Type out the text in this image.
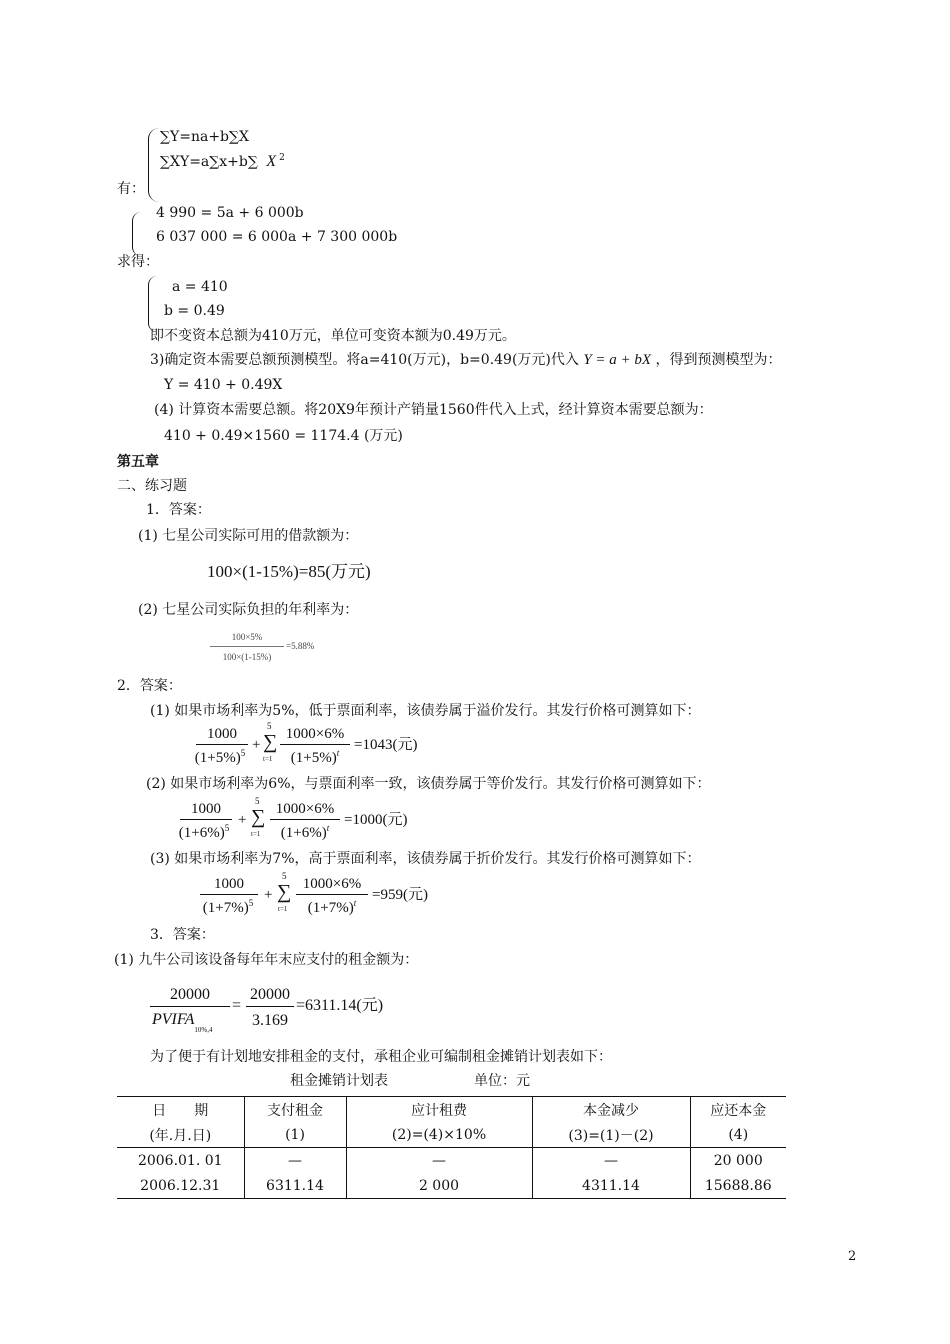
有：
∑Y=na+b∑X
∑XY=a∑x+b∑ X $^2$
4 990 = 5a + 6 000b
6 037 000 = 6 000a + 7 300 000b
求得：
a = 410
b = 0.49
即不变资本总额为410万元，单位可变资本额为0.49万元。
3)确定资本需要总额预测模型。将a=410(万元)，b=0.49(万元)代入 Y = a + bX ，得到预测模型为：
Y = 410 + 0.49X
(4) 计算资本需要总额。将20X9年预计产销量1560件代入上式，经计算资本需要总额为：
410 + 0.49×1560 = 1174.4 (万元)
第五章
二、练习题
1．答案：
(1) 七星公司实际可用的借款额为：
100×(1-15%)=85(万元)
(2) 七星公司实际负担的年利率为：
100×5%
100×(1-15%)
=5.88%
2．答案：
(1) 如果市场利率为5%，低于票面利率，该债券属于溢价发行。其发行价格可测算如下：
1000
$(1+5\%)^5$ +
5
∑
t=1
1000×6%
$(1+5\%)^t =1043$(元)
(2) 如果市场利率为6%，与票面利率一致，该债券属于等价发行。其发行价格可测算如下：
1000
$(1+6\%)^5$ +
5
∑
t=1
1000×6%
$(1+6\%)^t =1000$(元)
(3) 如果市场利率为7%，高于票面利率，该债券属于折价发行。其发行价格可测算如下：
1000
$(1+7\%)^5$ +
5
∑
t=1
1000×6%
$(1+7\%)^t$	=959(元)
3．答案：
(1) 九牛公司该设备每年年末应支付的租金额为：
20000
$PVIFA_{10\%,4}$
=
20000
3.169
=6311.14(元)
为了便于有计划地安排租金的支付，承租企业可编制租金摊销计划表如下：
租金摊销计划表	单位：元
日　　期	支付租金	应计租费	本金减少	应还本金
(年.月.日)	(1)	(2)=(4)×10%	(3)=(1)－(2)	(4)
2006.01. 01	—	—	—	20 000
2006.12.31	6311.14	2 000	4311.14	15688.86
2
